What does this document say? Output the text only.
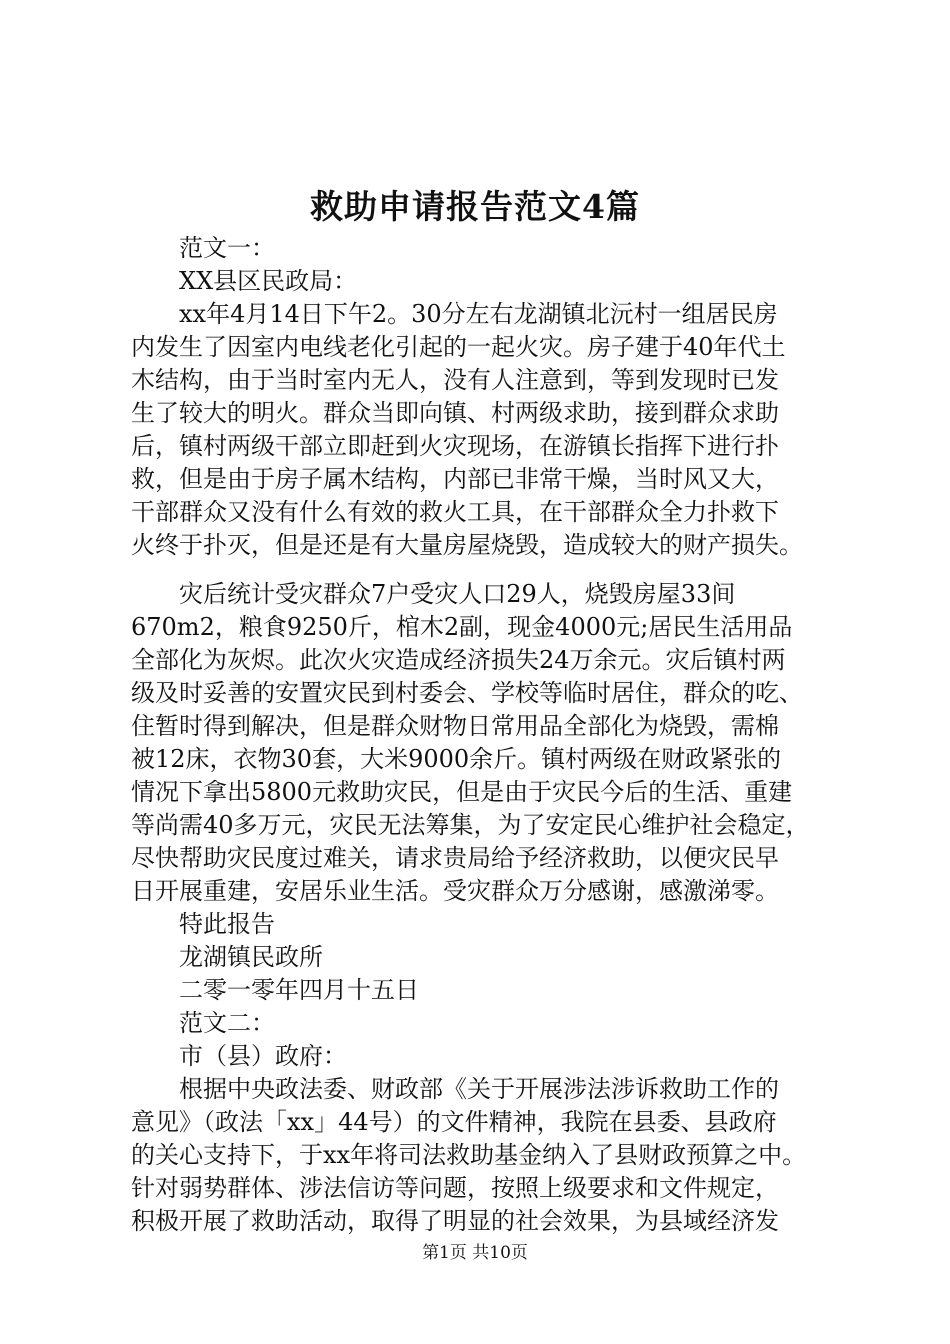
救助申请报告范文4篇
范文一：
XX县区民政局：
xx年4月14日下午2。30分左右龙湖镇北沅村一组居民房
内发生了因室内电线老化引起的一起火灾。房子建于40年代土
木结构，由于当时室内无人，没有人注意到，等到发现时已发
生了较大的明火。群众当即向镇、村两级求助，接到群众求助
后，镇村两级干部立即赶到火灾现场，在游镇长指挥下进行扑
救，但是由于房子属木结构，内部已非常干燥，当时风又大，
干部群众又没有什么有效的救火工具，在干部群众全力扑救下
火终于扑灭，但是还是有大量房屋烧毁，造成较大的财产损失。
灾后统计受灾群众7户受灾人口29人，烧毁房屋33间
670m2，粮食9250斤，棺木2副，现金4000元;居民生活用品
全部化为灰烬。此次火灾造成经济损失24万余元。灾后镇村两
级及时妥善的安置灾民到村委会、学校等临时居住，群众的吃、
住暂时得到解决，但是群众财物日常用品全部化为烧毁，需棉
被12床，衣物30套，大米9000余斤。镇村两级在财政紧张的
情况下拿出5800元救助灾民，但是由于灾民今后的生活、重建
等尚需40多万元，灾民无法筹集，为了安定民心维护社会稳定，
尽快帮助灾民度过难关，请求贵局给予经济救助，以便灾民早
日开展重建，安居乐业生活。受灾群众万分感谢，感激涕零。
特此报告
龙湖镇民政所
二零一零年四月十五日
范文二：
市（县）政府：
根据中央政法委、财政部《关于开展涉法涉诉救助工作的
意见》（政法「xx」44号）的文件精神，我院在县委、县政府
的关心支持下，于xx年将司法救助基金纳入了县财政预算之中。
针对弱势群体、涉法信访等问题，按照上级要求和文件规定，
积极开展了救助活动，取得了明显的社会效果，为县域经济发
第1页 共10页
